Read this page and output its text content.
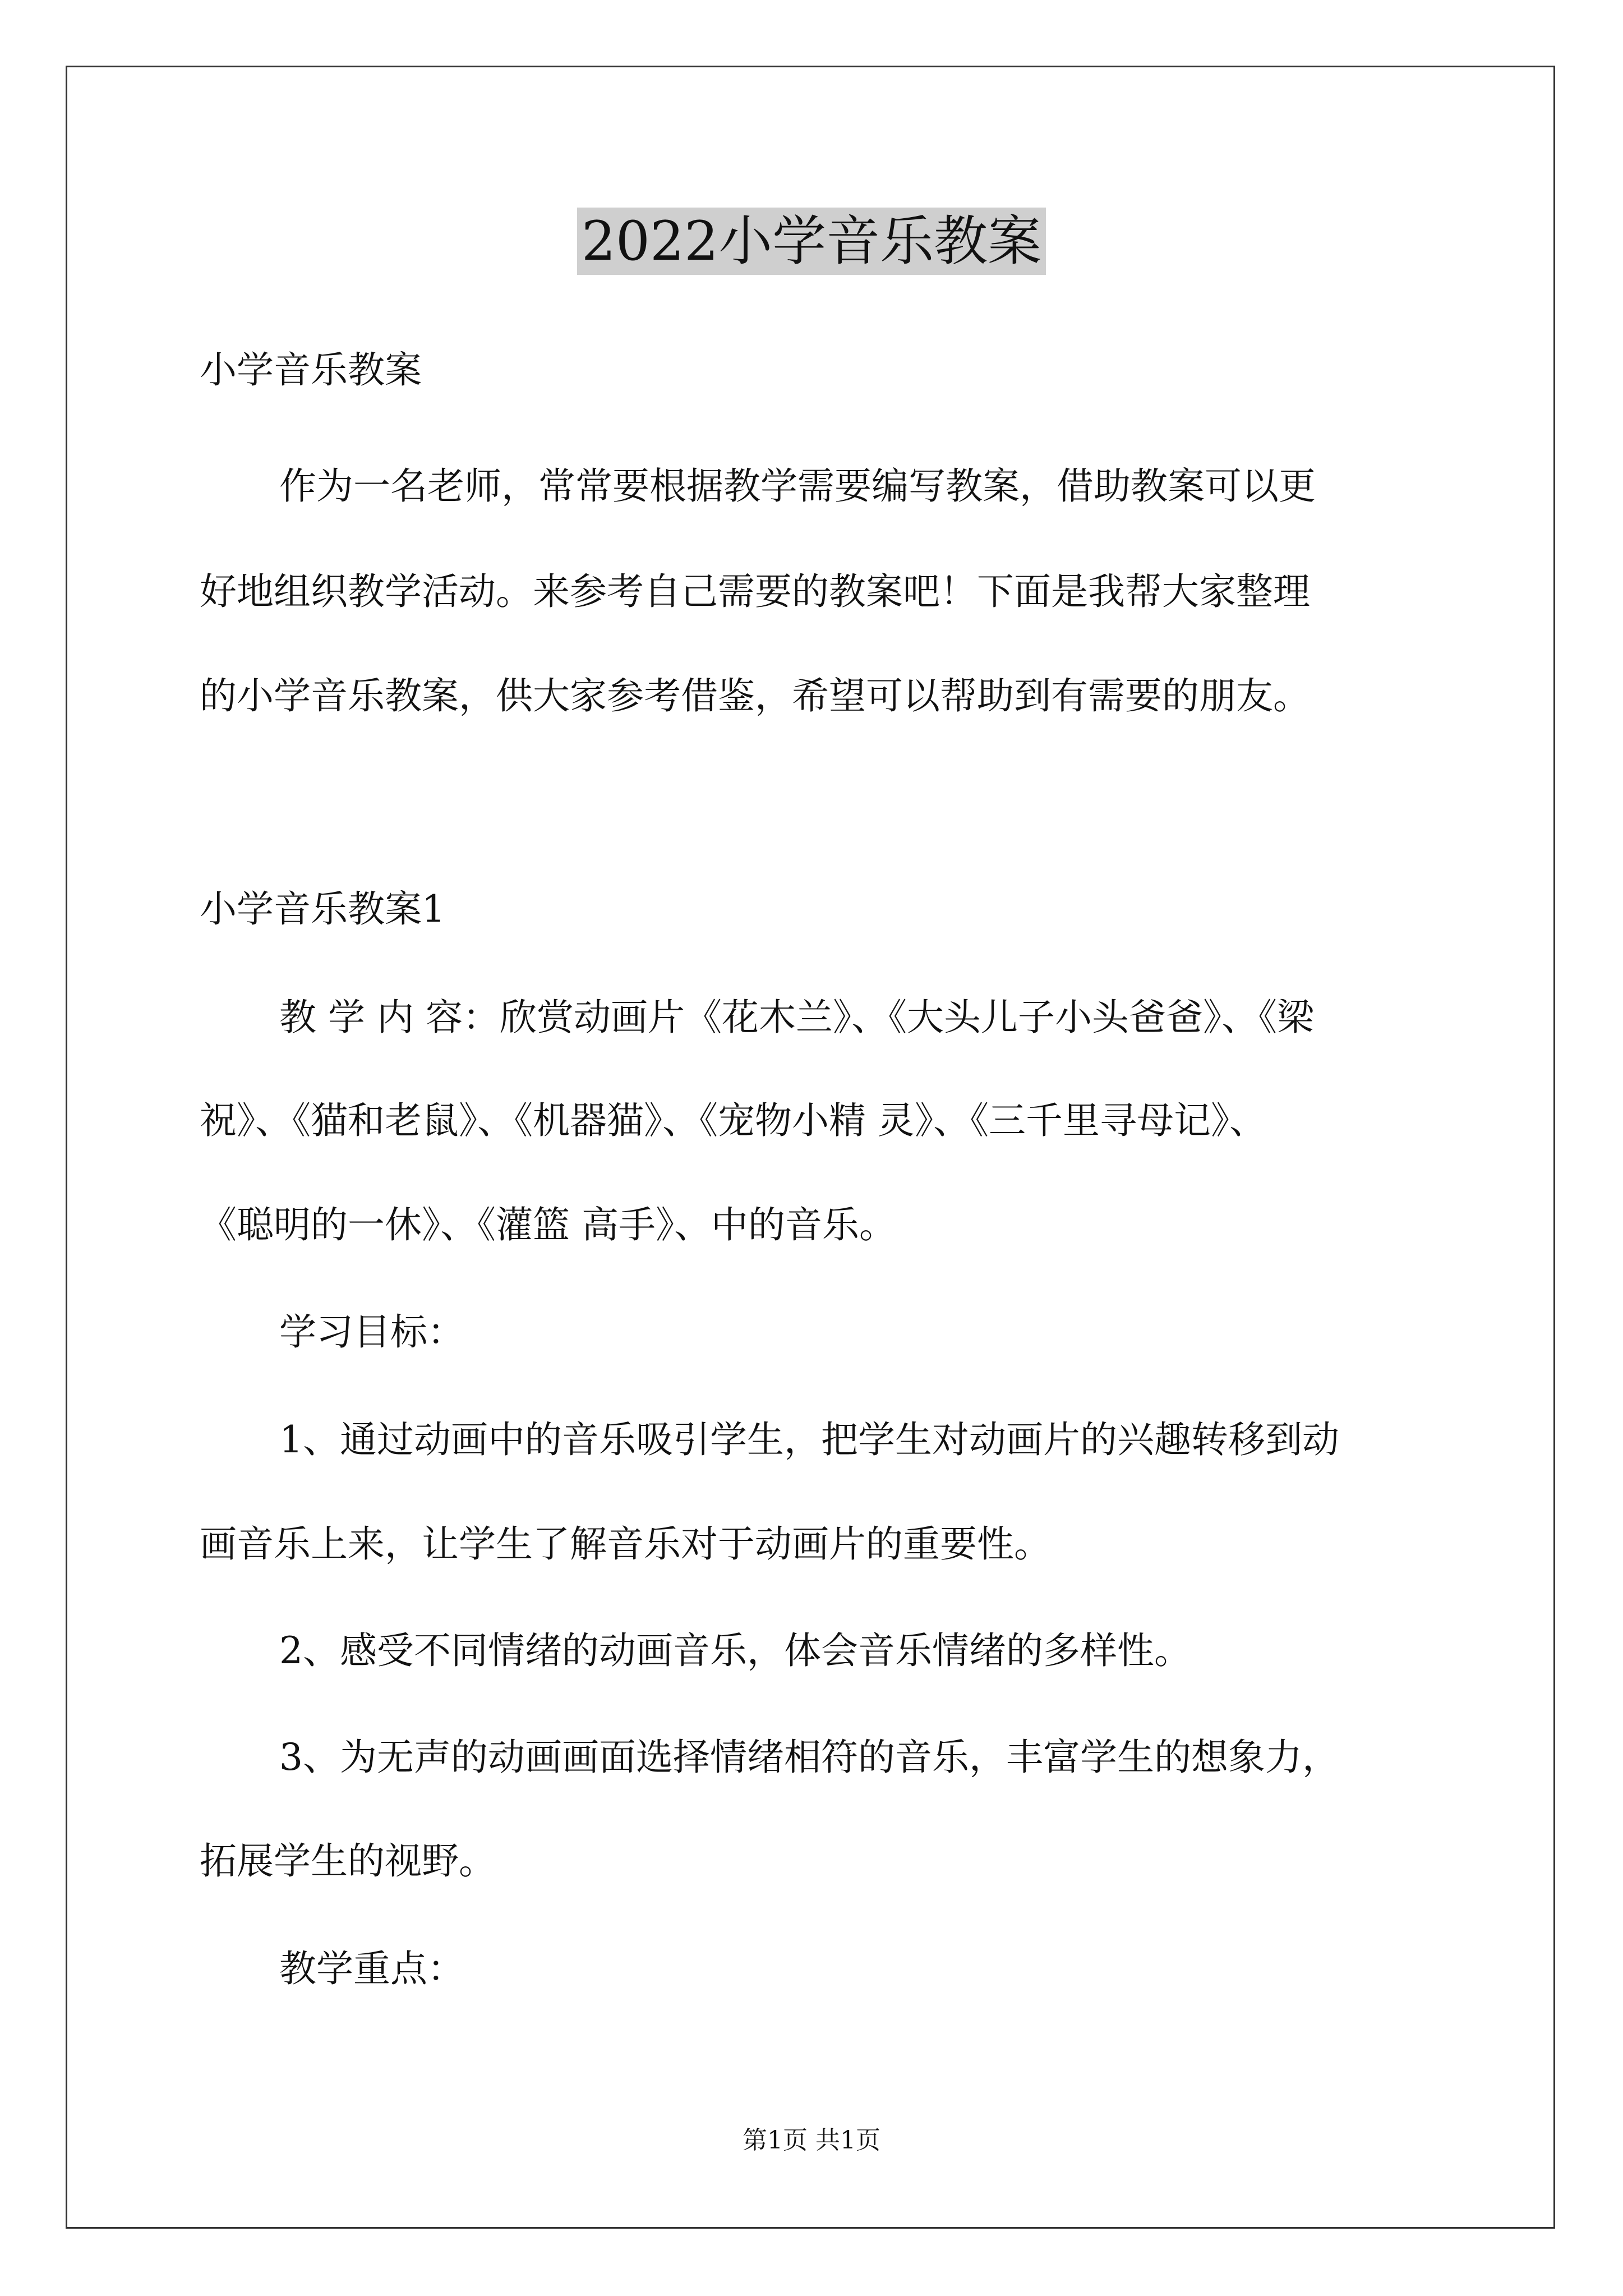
2022小学音乐教案
小学音乐教案
作为一名老师，常常要根据教学需要编写教案，借助教案可以更
好地组织教学活动。来参考自己需要的教案吧！下面是我帮大家整理
的小学音乐教案，供大家参考借鉴，希望可以帮助到有需要的朋友。
小学音乐教案1
教 学 内 容：欣赏动画片《花木兰》、《大头儿子小头爸爸》、《梁
祝》、《猫和老鼠》、《机器猫》、《宠物小精 灵》、《三千里寻母记》、
《聪明的一休》、《灌篮 高手》、中的音乐。
学习目标：
1、通过动画中的音乐吸引学生，把学生对动画片的兴趣转移到动
画音乐上来，让学生了解音乐对于动画片的重要性。
2、感受不同情绪的动画音乐，体会音乐情绪的多样性。
3、为无声的动画画面选择情绪相符的音乐，丰富学生的想象力，
拓展学生的视野。
教学重点：
第1页 共1页
